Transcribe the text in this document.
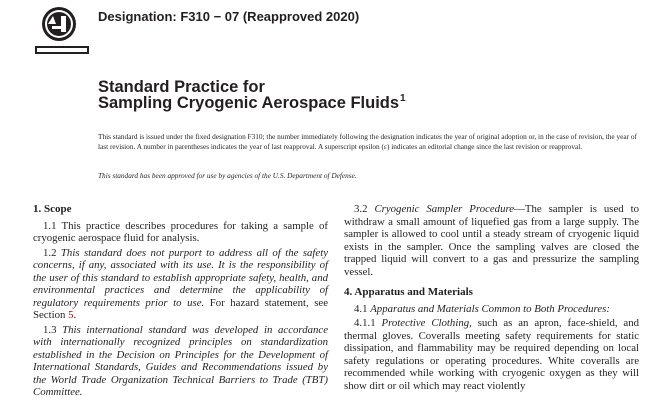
Designation: F310 − 07 (Reapproved 2020)
Standard Practice for
Sampling Cryogenic Aerospace Fluids$^1$
This standard is issued under the fixed designation F310; the number immediately following the designation indicates the year of original adoption or, in the case of revision, the year of last revision. A number in parentheses indicates the year of last reapproval. A superscript epsilon (ε) indicates an editorial change since the last revision or reapproval.
This standard has been approved for use by agencies of the U.S. Department of Defense.
1. Scope
1.1 This practice describes procedures for taking a sample of cryogenic aerospace fluid for analysis.
1.2 This standard does not purport to address all of the safety concerns, if any, associated with its use. It is the responsibility of the user of this standard to establish appropriate safety, health, and environmental practices and determine the applicability of regulatory requirements prior to use. For hazard statement, see Section 5.
1.3 This international standard was developed in accordance with internationally recognized principles on standardization established in the Decision on Principles for the Development of International Standards, Guides and Recommendations issued by the World Trade Organization Technical Barriers to Trade (TBT) Committee.
3.2 Cryogenic Sampler Procedure—The sampler is used to withdraw a small amount of liquefied gas from a large supply. The sampler is allowed to cool until a steady stream of cryogenic liquid exists in the sampler. Once the sampling valves are closed the trapped liquid will convert to a gas and pressurize the sampling vessel.
4. Apparatus and Materials
4.1 Apparatus and Materials Common to Both Procedures:
4.1.1 Protective Clothing, such as an apron, face-shield, and thermal gloves. Coveralls meeting safety requirements for static dissipation, and flammability may be required depending on local safety regulations or operating procedures. White coveralls are recommended while working with cryogenic oxygen as they will show dirt or oil which may react violently
